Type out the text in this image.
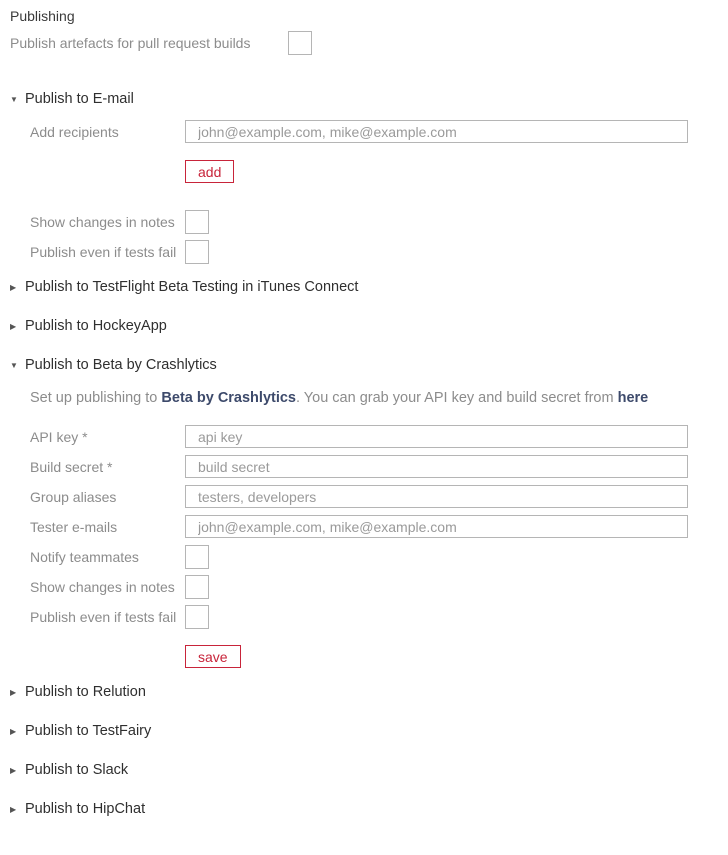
Publishing
Publish artefacts for pull request builds
▼ Publish to E-mail
Add recipients
john@example.com, mike@example.com
add
Show changes in notes
Publish even if tests fail
▶ Publish to TestFlight Beta Testing in iTunes Connect
▶ Publish to HockeyApp
▼ Publish to Beta by Crashlytics
Set up publishing to Beta by Crashlytics. You can grab your API key and build secret from here
API key *
api key
Build secret *
build secret
Group aliases
testers, developers
Tester e-mails
john@example.com, mike@example.com
Notify teammates
Show changes in notes
Publish even if tests fail
save
▶ Publish to Relution
▶ Publish to TestFairy
▶ Publish to Slack
▶ Publish to HipChat
